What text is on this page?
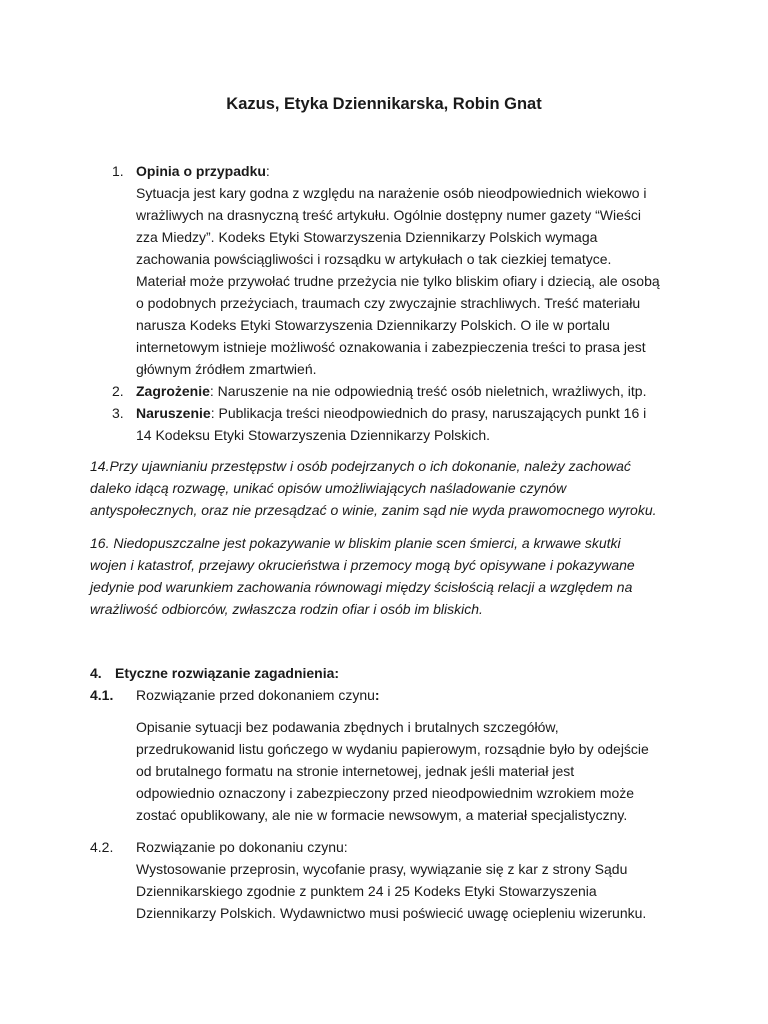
Kazus, Etyka Dziennikarska, Robin Gnat
1. Opinia o przypadku:
Sytuacja jest kary godna z względu na narażenie osób nieodpowiednich wiekowo i
wrażliwych na drasnyczną treść artykułu. Ogólnie dostępny numer gazety “Wieści
zza Miedzy”. Kodeks Etyki Stowarzyszenia Dziennikarzy Polskich wymaga
zachowania powściągliwości i rozsądku w artykułach o tak ciezkiej tematyce.
Materiał może przywołać trudne przeżycia nie tylko bliskim ofiary i dziecią, ale osobą
o podobnych przeżyciach, traumach czy zwyczajnie strachliwych. Treść materiału
narusza Kodeks Etyki Stowarzyszenia Dziennikarzy Polskich. O ile w portalu
internetowym istnieje możliwość oznakowania i zabezpieczenia treści to prasa jest
głównym źródłem zmartwień.
2. Zagrożenie: Naruszenie na nie odpowiednią treść osób nieletnich, wrażliwych, itp.
3. Naruszenie: Publikacja treści nieodpowiednich do prasy, naruszających punkt 16 i
14 Kodeksu Etyki Stowarzyszenia Dziennikarzy Polskich.
14.Przy ujawnianiu przestępstw i osób podejrzanych o ich dokonanie, należy zachować
daleko idącą rozwagę, unikać opisów umożliwiających naśladowanie czynów
antyspołecznych, oraz nie przesądzać o winie, zanim sąd nie wyda prawomocnego wyroku.
16. Niedopuszczalne jest pokazywanie w bliskim planie scen śmierci, a krwawe skutki
wojen i katastrof, przejawy okrucieństwa i przemocy mogą być opisywane i pokazywane
jedynie pod warunkiem zachowania równowagi między ścisłością relacji a względem na
wrażliwość odbiorców, zwłaszcza rodzin ofiar i osób im bliskich.
4. Etyczne rozwiązanie zagadnienia:
4.1. Rozwiązanie przed dokonaniem czynu:
Opisanie sytuacji bez podawania zbędnych i brutalnych szczegółów,
przedrukowanid listu gończego w wydaniu papierowym, rozsądnie było by odejście
od brutalnego formatu na stronie internetowej, jednak jeśli materiał jest
odpowiednio oznaczony i zabezpieczony przed nieodpowiednim wzrokiem może
zostać opublikowany, ale nie w formacie newsowym, a materiał specjalistyczny.
4.2. Rozwiązanie po dokonaniu czynu:
Wystosowanie przeprosin, wycofanie prasy, wywiązanie się z kar z strony Sądu
Dziennikarskiego zgodnie z punktem 24 i 25 Kodeks Etyki Stowarzyszenia
Dziennikarzy Polskich. Wydawnictwo musi poświecić uwagę ociepleniu wizerunku.
